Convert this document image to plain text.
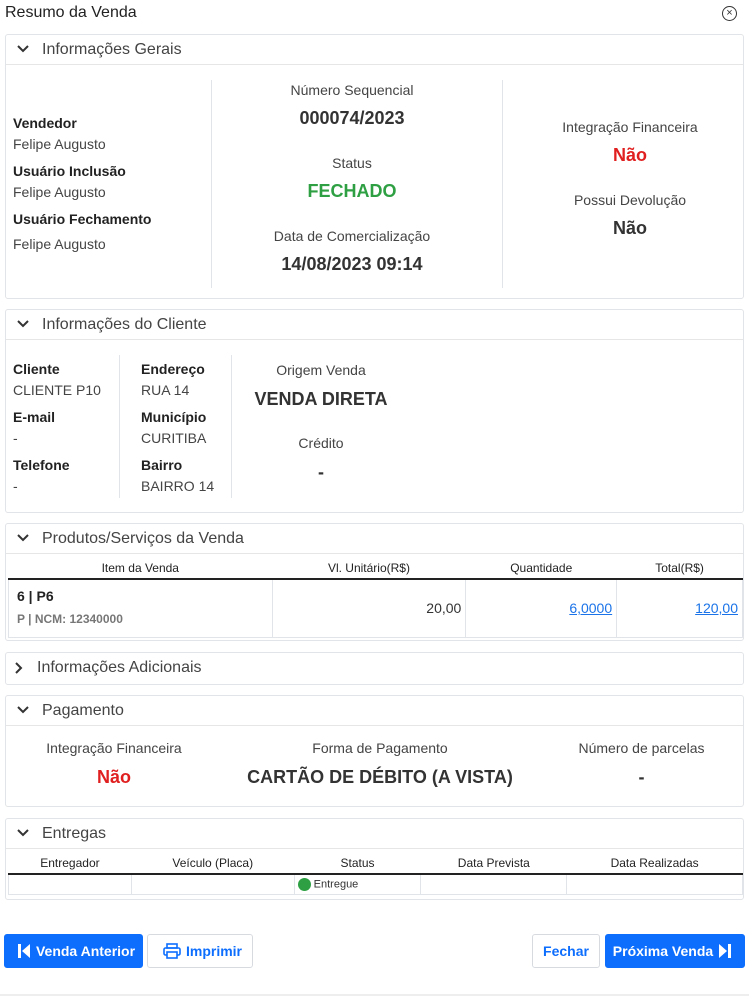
Resumo da Venda	×
Informações Gerais
Vendedor
Felipe Augusto
Usuário Inclusão
Felipe Augusto
Usuário Fechamento
Felipe Augusto
Número Sequencial
000074/2023
Status
FECHADO
Data de Comercialização
14/08/2023 09:14
Integração Financeira
Não
Possui Devolução
Não
Informações do Cliente
Cliente
CLIENTE P10
E-mail
-
Telefone
-
Endereço
RUA 14
Município
CURITIBA
Bairro
BAIRRO 14
Origem Venda
VENDA DIRETA
Crédito
-
Produtos/Serviços da Venda
Item da Venda	Vl. Unitário(R$)	Quantidade	Total(R$)

6 | P6
P | NCM: 12340000	20,00	6,0000	120,00
Informações Adicionais
Pagamento
Integração Financeira
Não
Forma de Pagamento
CARTÃO DE DÉBITO (A VISTA)
Número de parcelas
-
Entregas
Entregador	Veículo (Placa)	Status	Data Prevista	Data Realizadas
		Entregue		
Venda Anterior	Imprimir	Fechar Próxima Venda
